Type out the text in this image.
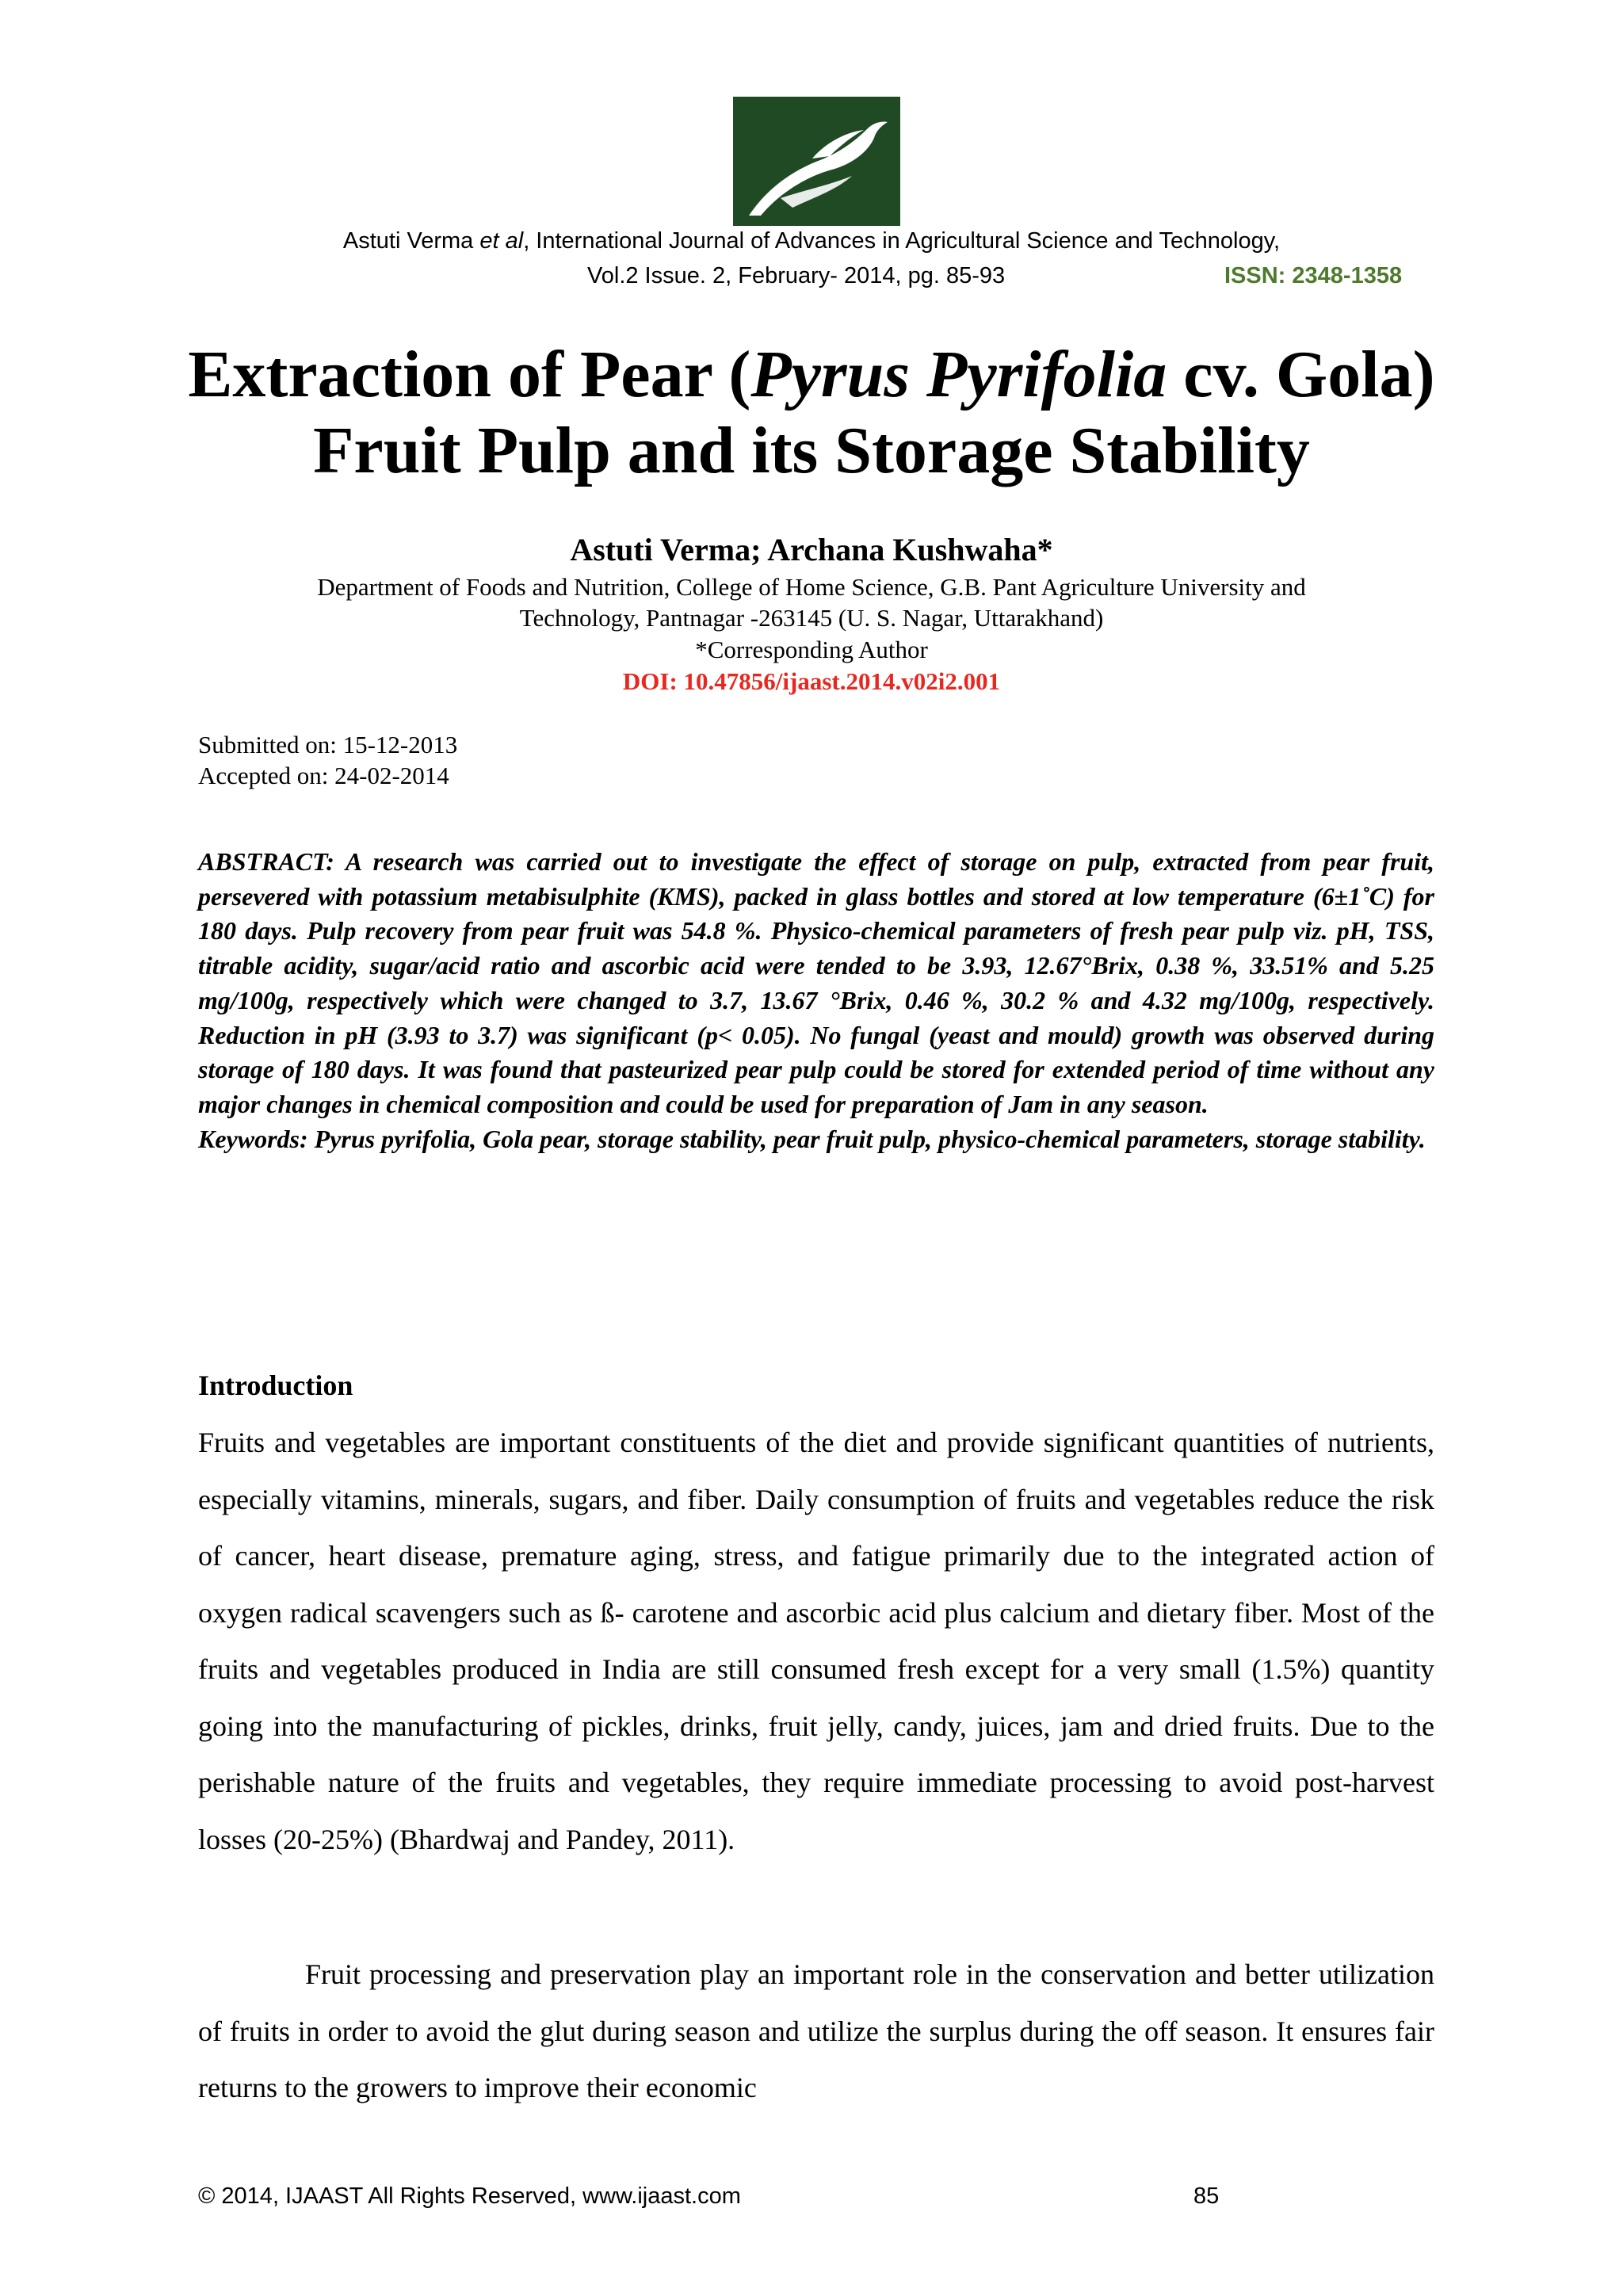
Astuti Verma et al, International Journal of Advances in Agricultural Science and Technology,
Vol.2 Issue. 2, February- 2014, pg. 85-93	ISSN: 2348-1358
Extraction of Pear (Pyrus Pyrifolia cv. Gola)
Fruit Pulp and its Storage Stability
Astuti Verma; Archana Kushwaha*
Department of Foods and Nutrition, College of Home Science, G.B. Pant Agriculture University and
Technology, Pantnagar -263145 (U. S. Nagar, Uttarakhand)
*Corresponding Author
DOI: 10.47856/ijaast.2014.v02i2.001
Submitted on: 15-12-2013
Accepted on: 24-02-2014
ABSTRACT: A research was carried out to investigate the effect of storage on pulp, extracted from pear fruit, persevered with potassium metabisulphite (KMS), packed in glass bottles and stored at low temperature (6±1˚C) for 180 days. Pulp recovery from pear fruit was 54.8 %. Physico-chemical parameters of fresh pear pulp viz. pH, TSS, titrable acidity, sugar/acid ratio and ascorbic acid were tended to be 3.93, 12.67°Brix, 0.38 %, 33.51% and 5.25 mg/100g, respectively which were changed to 3.7, 13.67 °Brix, 0.46 %, 30.2 % and 4.32 mg/100g, respectively. Reduction in pH (3.93 to 3.7) was significant (p< 0.05). No fungal (yeast and mould) growth was observed during storage of 180 days. It was found that pasteurized pear pulp could be stored for extended period of time without any major changes in chemical composition and could be used for preparation of Jam in any season.
Keywords: Pyrus pyrifolia, Gola pear, storage stability, pear fruit pulp, physico-chemical parameters, storage stability.
Introduction
Fruits and vegetables are important constituents of the diet and provide significant quantities of nutrients, especially vitamins, minerals, sugars, and fiber. Daily consumption of fruits and vegetables reduce the risk of cancer, heart disease, premature aging, stress, and fatigue primarily due to the integrated action of oxygen radical scavengers such as ß- carotene and ascorbic acid plus calcium and dietary fiber. Most of the fruits and vegetables produced in India are still consumed fresh except for a very small (1.5%) quantity going into the manufacturing of pickles, drinks, fruit jelly, candy, juices, jam and dried fruits. Due to the perishable nature of the fruits and vegetables, they require immediate processing to avoid post-harvest losses (20-25%) (Bhardwaj and Pandey, 2011).
Fruit processing and preservation play an important role in the conservation and better utilization of fruits in order to avoid the glut during season and utilize the surplus during the off season. It ensures fair returns to the growers to improve their economic
© 2014, IJAAST All Rights Reserved, www.ijaast.com	85
